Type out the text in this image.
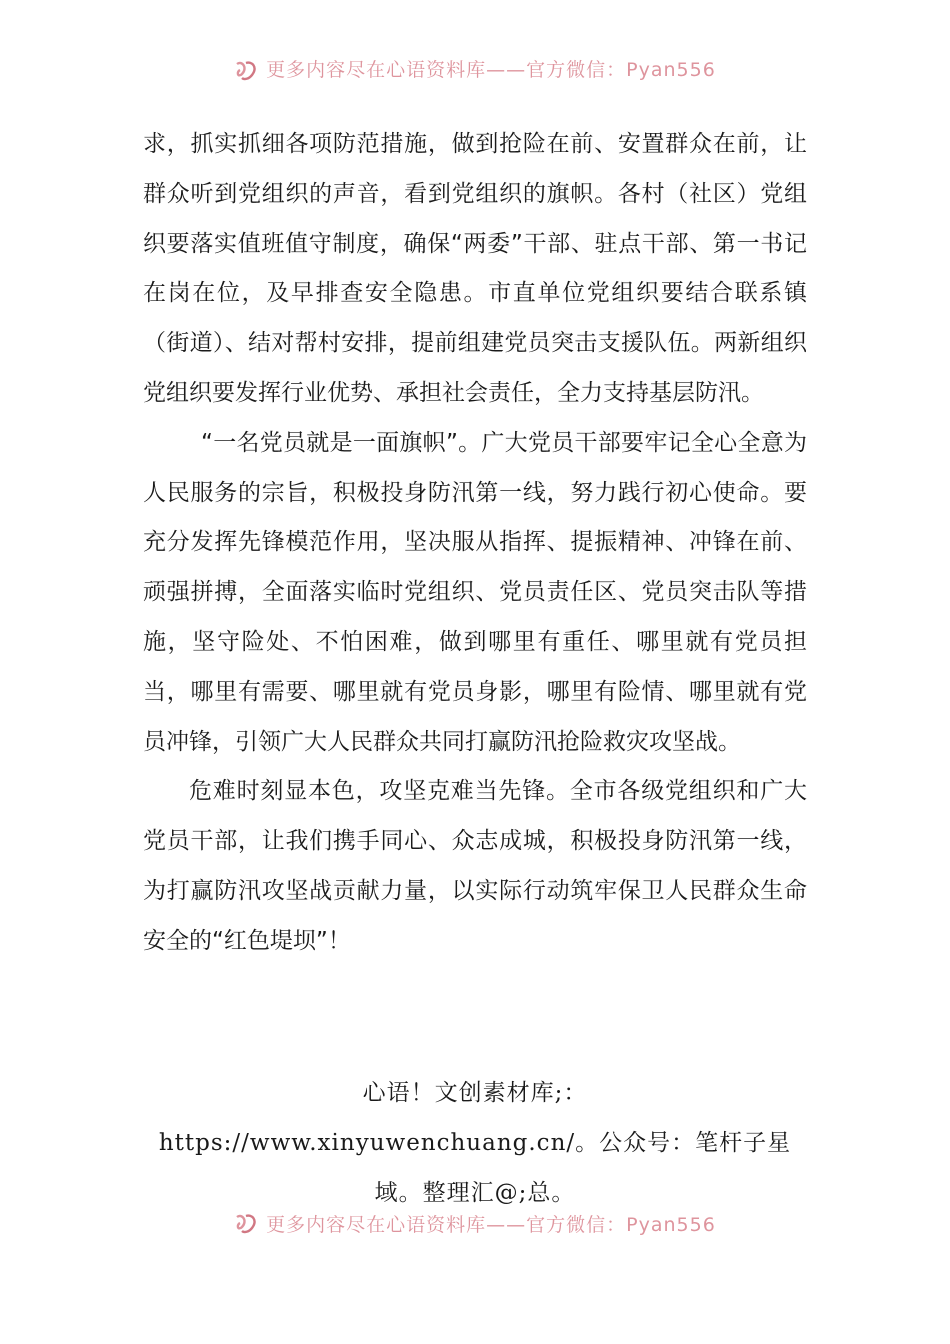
更多内容尽在心语资料库——官方微信：Pyan556

求，抓实抓细各项防范措施，做到抢险在前、安置群众在前，让群众听到党组织的声音，看到党组织的旗帜。各村（社区）党组织要落实值班值守制度，确保“两委”干部、驻点干部、第一书记在岗在位，及早排查安全隐患。市直单位党组织要结合联系镇（街道）、结对帮村安排，提前组建党员突击支援队伍。两新组织党组织要发挥行业优势、承担社会责任，全力支持基层防汛。

“一名党员就是一面旗帜”。广大党员干部要牢记全心全意为人民服务的宗旨，积极投身防汛第一线，努力践行初心使命。要充分发挥先锋模范作用，坚决服从指挥、提振精神、冲锋在前、顽强拼搏，全面落实临时党组织、党员责任区、党员突击队等措施，坚守险处、不怕困难，做到哪里有重任、哪里就有党员担当，哪里有需要、哪里就有党员身影，哪里有险情、哪里就有党员冲锋，引领广大人民群众共同打赢防汛抢险救灾攻坚战。

危难时刻显本色，攻坚克难当先锋。全市各级党组织和广大党员干部，让我们携手同心、众志成城，积极投身防汛第一线，为打赢防汛攻坚战贡献力量，以实际行动筑牢保卫人民群众生命安全的“红色堤坝”！

心语！文创素材库;：https://www.xinyuwenchuang.cn/。公众号：笔杆子星域。整理汇@;总。
更多内容尽在心语资料库——官方微信：Pyan556
